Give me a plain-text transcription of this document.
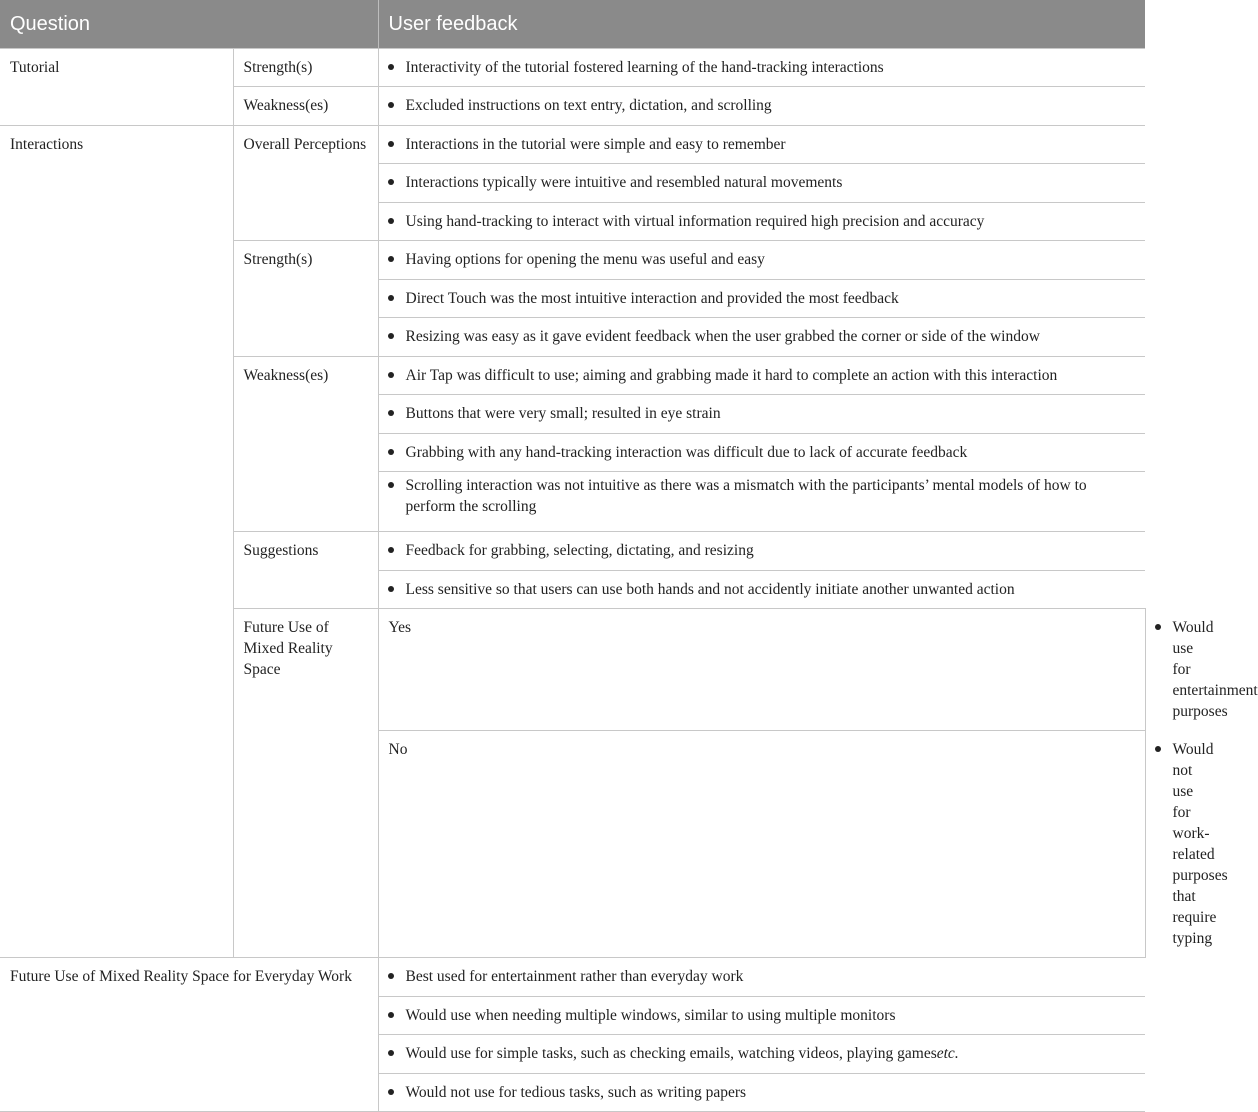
Question		User feedback	
Tutorial	Strength(s)	Interactivity of the tutorial fostered learning of the hand-tracking interactions	
	Weakness(es)	Excluded instructions on text entry, dictation, and scrolling	
Interactions	Overall Perceptions	Interactions in the tutorial were simple and easy to remember	

Interactions typically were intuitive and resembled natural movements	

Using hand-tracking to interact with virtual information required high precision and accuracy	
	Strength(s)	Having options for opening the menu was useful and easy	

Direct Touch was the most intuitive interaction and provided the most feedback	

Resizing was easy as it gave evident feedback when the user grabbed the corner or side of the window	
	Weakness(es)	Air Tap was difficult to use; aiming and grabbing made it hard to complete an action with this interaction	

Buttons that were very small; resulted in eye strain	

Grabbing with any hand-tracking interaction was difficult due to lack of accurate feedback	

Scrolling interaction was not intuitive as there was a mismatch with the participants’ mental models of how to perform the scrolling	
	Suggestions	Feedback for grabbing, selecting, dictating, and resizing	

Less sensitive so that users can use both hands and not accidently initiate another unwanted action	
	Future Use of Mixed Reality Space	Yes	Would use for entertainment purposes
		No	Would not use for work-related purposes that require typing
Future Use of Mixed Reality Space for Everyday Work		Best used for entertainment rather than everyday work	

Would use when needing multiple windows, similar to using multiple monitors	

Would use for simple tasks, such as checking emails, watching videos, playing gamesetc.	

Would not use for tedious tasks, such as writing papers	
